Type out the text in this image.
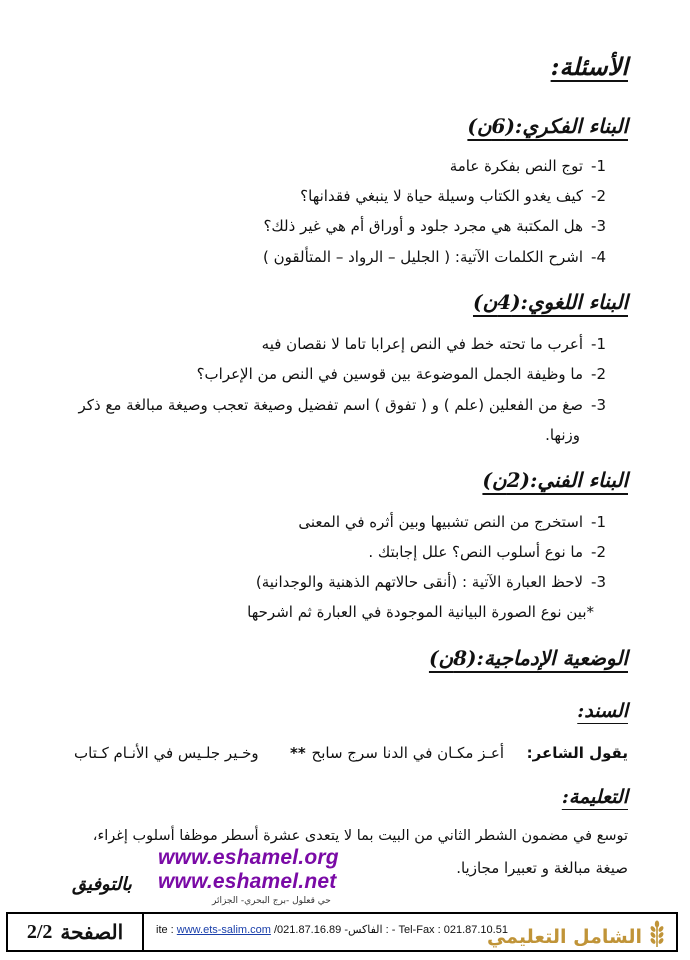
الأسئلة:
البناء الفكري:(6ن)
1-توج النص بفكرة عامة
2-كيف يغدو الكتاب وسيلة حياة لا ينبغي فقدانها؟
3-هل المكتبة هي مجرد جلود و أوراق أم هي غير ذلك؟
4-اشرح الكلمات الآتية: ( الجليل – الرواد – المتألقون )
البناء اللغوي:(4ن)
1-أعرب ما تحته خط في النص إعرابا تاما لا نقصان فيه
2-ما وظيفة الجمل الموضوعة بين قوسين في النص من الإعراب؟
3-صغ من الفعلين (علم ) و ( تفوق ) اسم تفضيل وصيغة تعجب وصيغة مبالغة مع ذكر
وزنها.
البناء الفني:(2ن)
1-استخرج من النص تشبيها وبين أثره في المعنى
2-ما نوع أسلوب النص؟ علل إجابتك .
3-لاحظ العبارة الآتية : (أنقى حالاتهم الذهنية والوجدانية)
*بين نوع الصورة البيانية الموجودة في العبارة ثم اشرحها
الوضعية الإدماجية:(8ن)
السند:
يقول الشاعر:
أعـز مكـان في الدنا سرج سابح
**
وخـير جلـيس في الأنـام كـتاب
التعليمة:
توسع في مضمون الشطر الثاني من البيت بما لا يتعدى عشرة أسطر موظفا أسلوب إغراء،
صيغة مبالغة و تعبيرا مجازيا.
www.eshamel.org
www.eshamel.net
بالتوفيق
حي قعلول -برج البحري- الجزائر
2/2 الصفحة	ite : www.ets-salim.com /021.87.16.89 : الفاكس- - Tel-Fax : 021.87.10.51
الشامل التعليمي
